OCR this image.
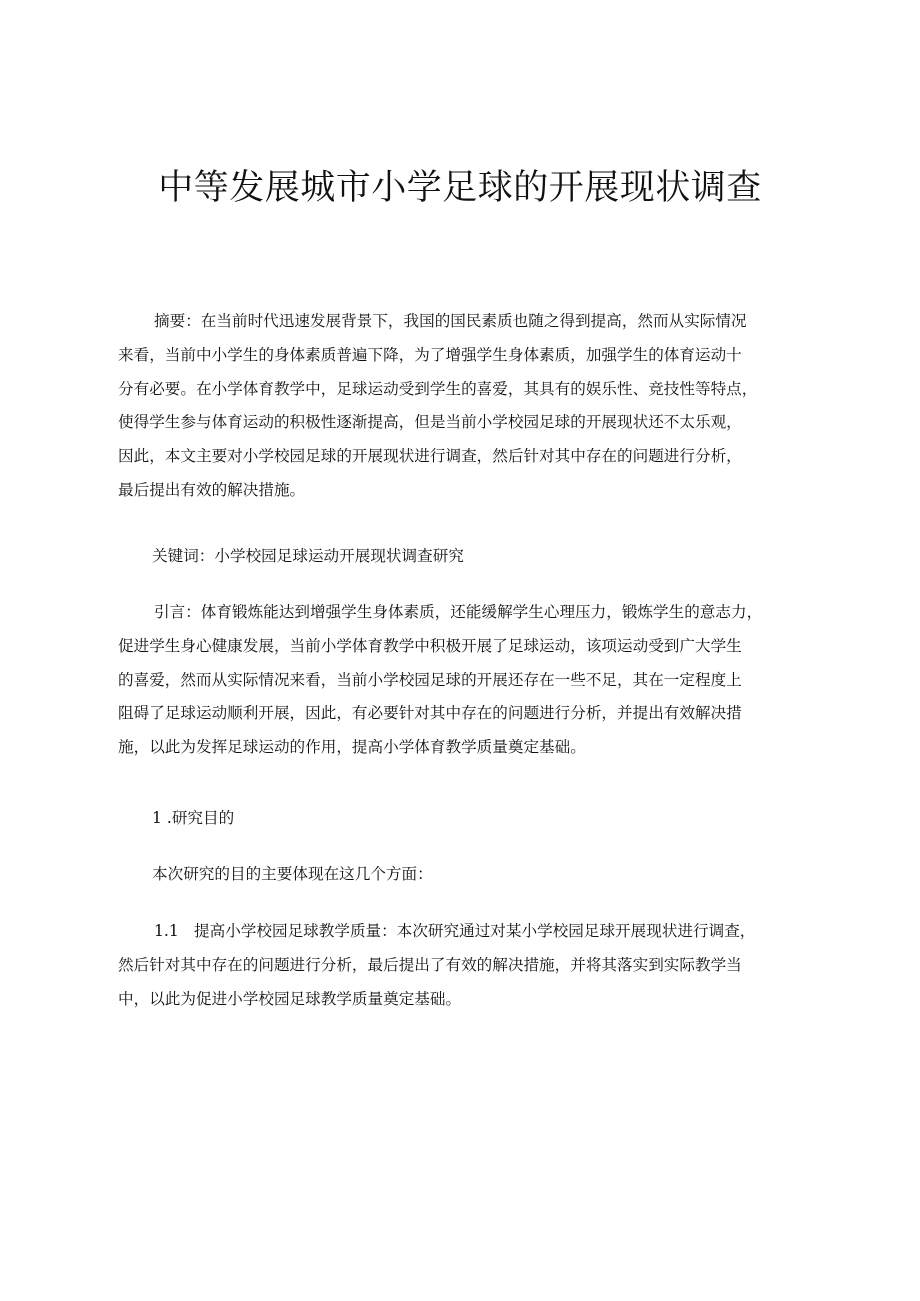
中等发展城市小学足球的开展现状调查
摘要：在当前时代迅速发展背景下，我国的国民素质也随之得到提高，然而从实际情况
来看，当前中小学生的身体素质普遍下降，为了增强学生身体素质，加强学生的体育运动十
分有必要。在小学体育教学中，足球运动受到学生的喜爱，其具有的娱乐性、竞技性等特点，
使得学生参与体育运动的积极性逐渐提高，但是当前小学校园足球的开展现状还不太乐观，
因此，本文主要对小学校园足球的开展现状进行调查，然后针对其中存在的问题进行分析，
最后提出有效的解决措施。

关键词：小学校园足球运动开展现状调查研究

引言：体育锻炼能达到增强学生身体素质，还能缓解学生心理压力，锻炼学生的意志力，
促进学生身心健康发展，当前小学体育教学中积极开展了足球运动，该项运动受到广大学生
的喜爱，然而从实际情况来看，当前小学校园足球的开展还存在一些不足，其在一定程度上
阻碍了足球运动顺利开展，因此，有必要针对其中存在的问题进行分析，并提出有效解决措
施，以此为发挥足球运动的作用，提高小学体育教学质量奠定基础。

1 .研究目的

本次研究的目的主要体现在这几个方面：

1.1 提高小学校园足球教学质量：本次研究通过对某小学校园足球开展现状进行调查，
然后针对其中存在的问题进行分析，最后提出了有效的解决措施，并将其落实到实际教学当
中，以此为促进小学校园足球教学质量奠定基础。
